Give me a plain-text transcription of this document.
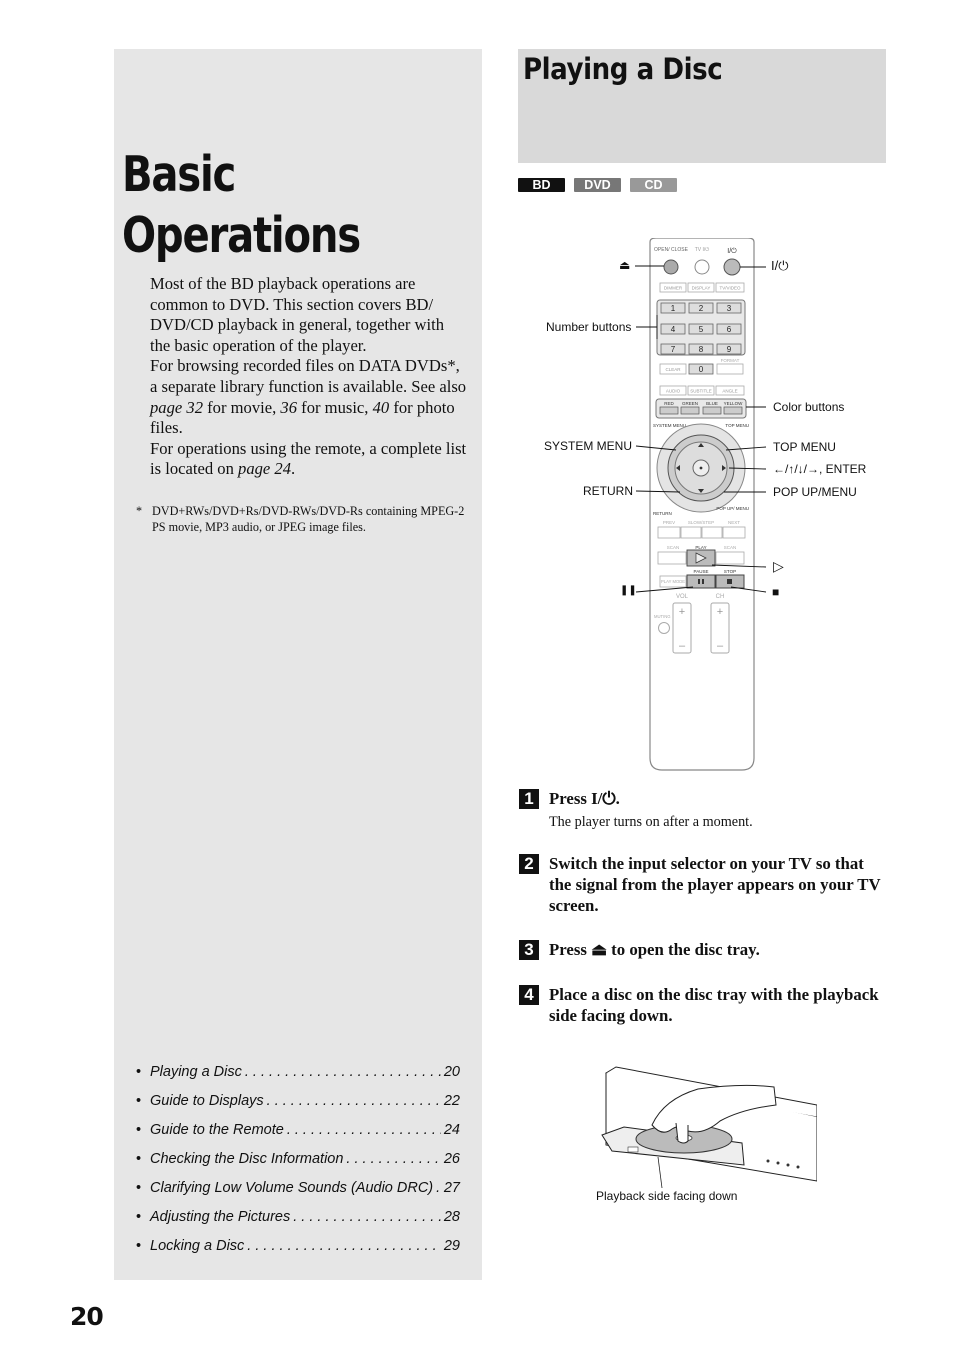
Basic
Operations

Most of the BD playback operations are common to DVD. This section covers BD/ DVD/CD playback in general, together with the basic operation of the player.

For browsing recorded files on DATA DVDs*, a separate library function is available. See also page 32 for movie, 36 for music, 40 for photo files.

For operations using the remote, a complete list is located on page 24.

* DVD+RWs/DVD+Rs/DVD-RWs/DVD-Rs containing MPEG-2 PS movie, MP3 audio, or JPEG image files.
• Playing a Disc . . .	20
• Guide to Displays . . .	22
• Guide to the Remote . . .	24
• Checking the Disc Information . . .	26
• Clarifying Low Volume Sounds (Audio DRC) . . . 27
• Adjusting the Pictures . . .	28
• Locking a Disc . . .	29
20
Playing a Disc
BD	DVD	CD
OPEN/ CLOSE TV I/⏻	I/⏻
DIMMER DISPLAY TV/VIDEO
1	2	3
4	5	6
7	8	9
0
CLEAR
FORMAT
AUDIO SUBTITLE ANGLE
RED GREEN BLUE YELLOW
SYSTEM MENU	TOP MENU
RETURN
POP UP/ MENU
PREV	SLOW/STEP	NEXT
SCAN	PLAY	SCAN
PAUSE	STOP
PLAY MODE
VOL	CH
+
–
+
–
MUTING
⏏	I/⏻
Number buttons
Color buttons
SYSTEM MENU	TOP MENU
←/↑/↓/→, ENTER
RETURN	POP UP/MENU
▷
❚❚	■
1 Press I/⏻.

The player turns on after a moment.

2 Switch the input selector on your TV so that the signal from the player appears on your TV screen.

3 Press ⏏ to open the disc tray.

4 Place a disc on the disc tray with the playback side facing down.

Playback side facing down
